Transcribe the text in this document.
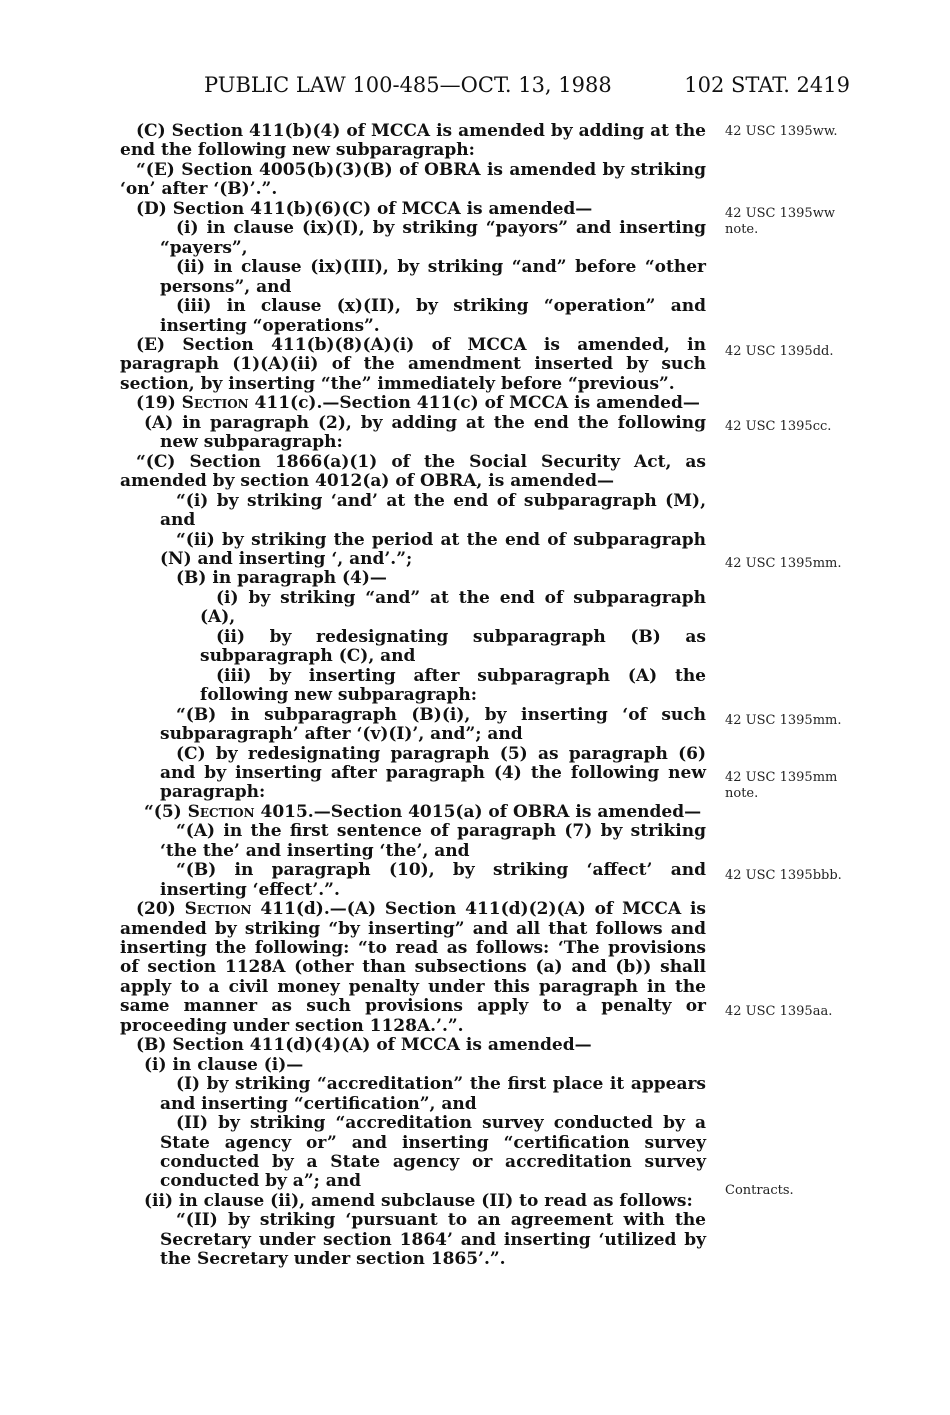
PUBLIC LAW 100-485—OCT. 13, 1988	102 STAT. 2419

(C) Section 411(b)(4) of MCCA is amended by adding at the end the following new subparagraph:

“(E) Section 4005(b)(3)(B) of OBRA is amended by striking ‘on’ after ‘(B)’.”.

(D) Section 411(b)(6)(C) of MCCA is amended—

(i) in clause (ix)(I), by striking “payors” and inserting “payers”,

(ii) in clause (ix)(III), by striking “and” before “other persons”, and

(iii) in clause (x)(II), by striking “operation” and inserting “operations”.

(E) Section 411(b)(8)(A)(i) of MCCA is amended, in paragraph (1)(A)(ii) of the amendment inserted by such section, by inserting “the” immediately before “previous”.

(19) Section 411(c).—Section 411(c) of MCCA is amended—

(A) in paragraph (2), by adding at the end the following new subparagraph:

“(C) Section 1866(a)(1) of the Social Security Act, as amended by section 4012(a) of OBRA, is amended—

“(i) by striking ‘and’ at the end of subparagraph (M), and

“(ii) by striking the period at the end of subparagraph (N) and inserting ‘, and’.”;

(B) in paragraph (4)—

(i) by striking “and” at the end of subparagraph (A),

(ii) by redesignating subparagraph (B) as subparagraph (C), and

(iii) by inserting after subparagraph (A) the following new subparagraph:

“(B) in subparagraph (B)(i), by inserting ‘of such subparagraph’ after ‘(v)(I)’, and”; and

(C) by redesignating paragraph (5) as paragraph (6) and by inserting after paragraph (4) the following new paragraph:

“(5) Section 4015.—Section 4015(a) of OBRA is amended—

“(A) in the first sentence of paragraph (7) by striking ‘the the’ and inserting ‘the’, and

“(B) in paragraph (10), by striking ‘affect’ and inserting ‘effect’.”.

(20) Section 411(d).—(A) Section 411(d)(2)(A) of MCCA is amended by striking “by inserting” and all that follows and inserting the following: “to read as follows: ‘The provisions of section 1128A (other than subsections (a) and (b)) shall apply to a civil money penalty under this paragraph in the same manner as such provisions apply to a penalty or proceeding under section 1128A.’.”.

(B) Section 411(d)(4)(A) of MCCA is amended—

(i) in clause (i)—

(I) by striking “accreditation” the first place it appears and inserting “certification”, and

(II) by striking “accreditation survey conducted by a State agency or” and inserting “certification survey conducted by a State agency or accreditation survey conducted by a”; and

(ii) in clause (ii), amend subclause (II) to read as follows:

“(II) by striking ‘pursuant to an agreement with the Secretary under section 1864’ and inserting ‘utilized by the Secretary under section 1865’.”.

42 USC 1395ww.
42 USC 1395ww
note.
42 USC 1395dd.
42 USC 1395cc.
42 USC 1395mm.
42 USC 1395mm.
42 USC 1395mm
note.
42 USC 1395bbb.
42 USC 1395aa.
Contracts.
